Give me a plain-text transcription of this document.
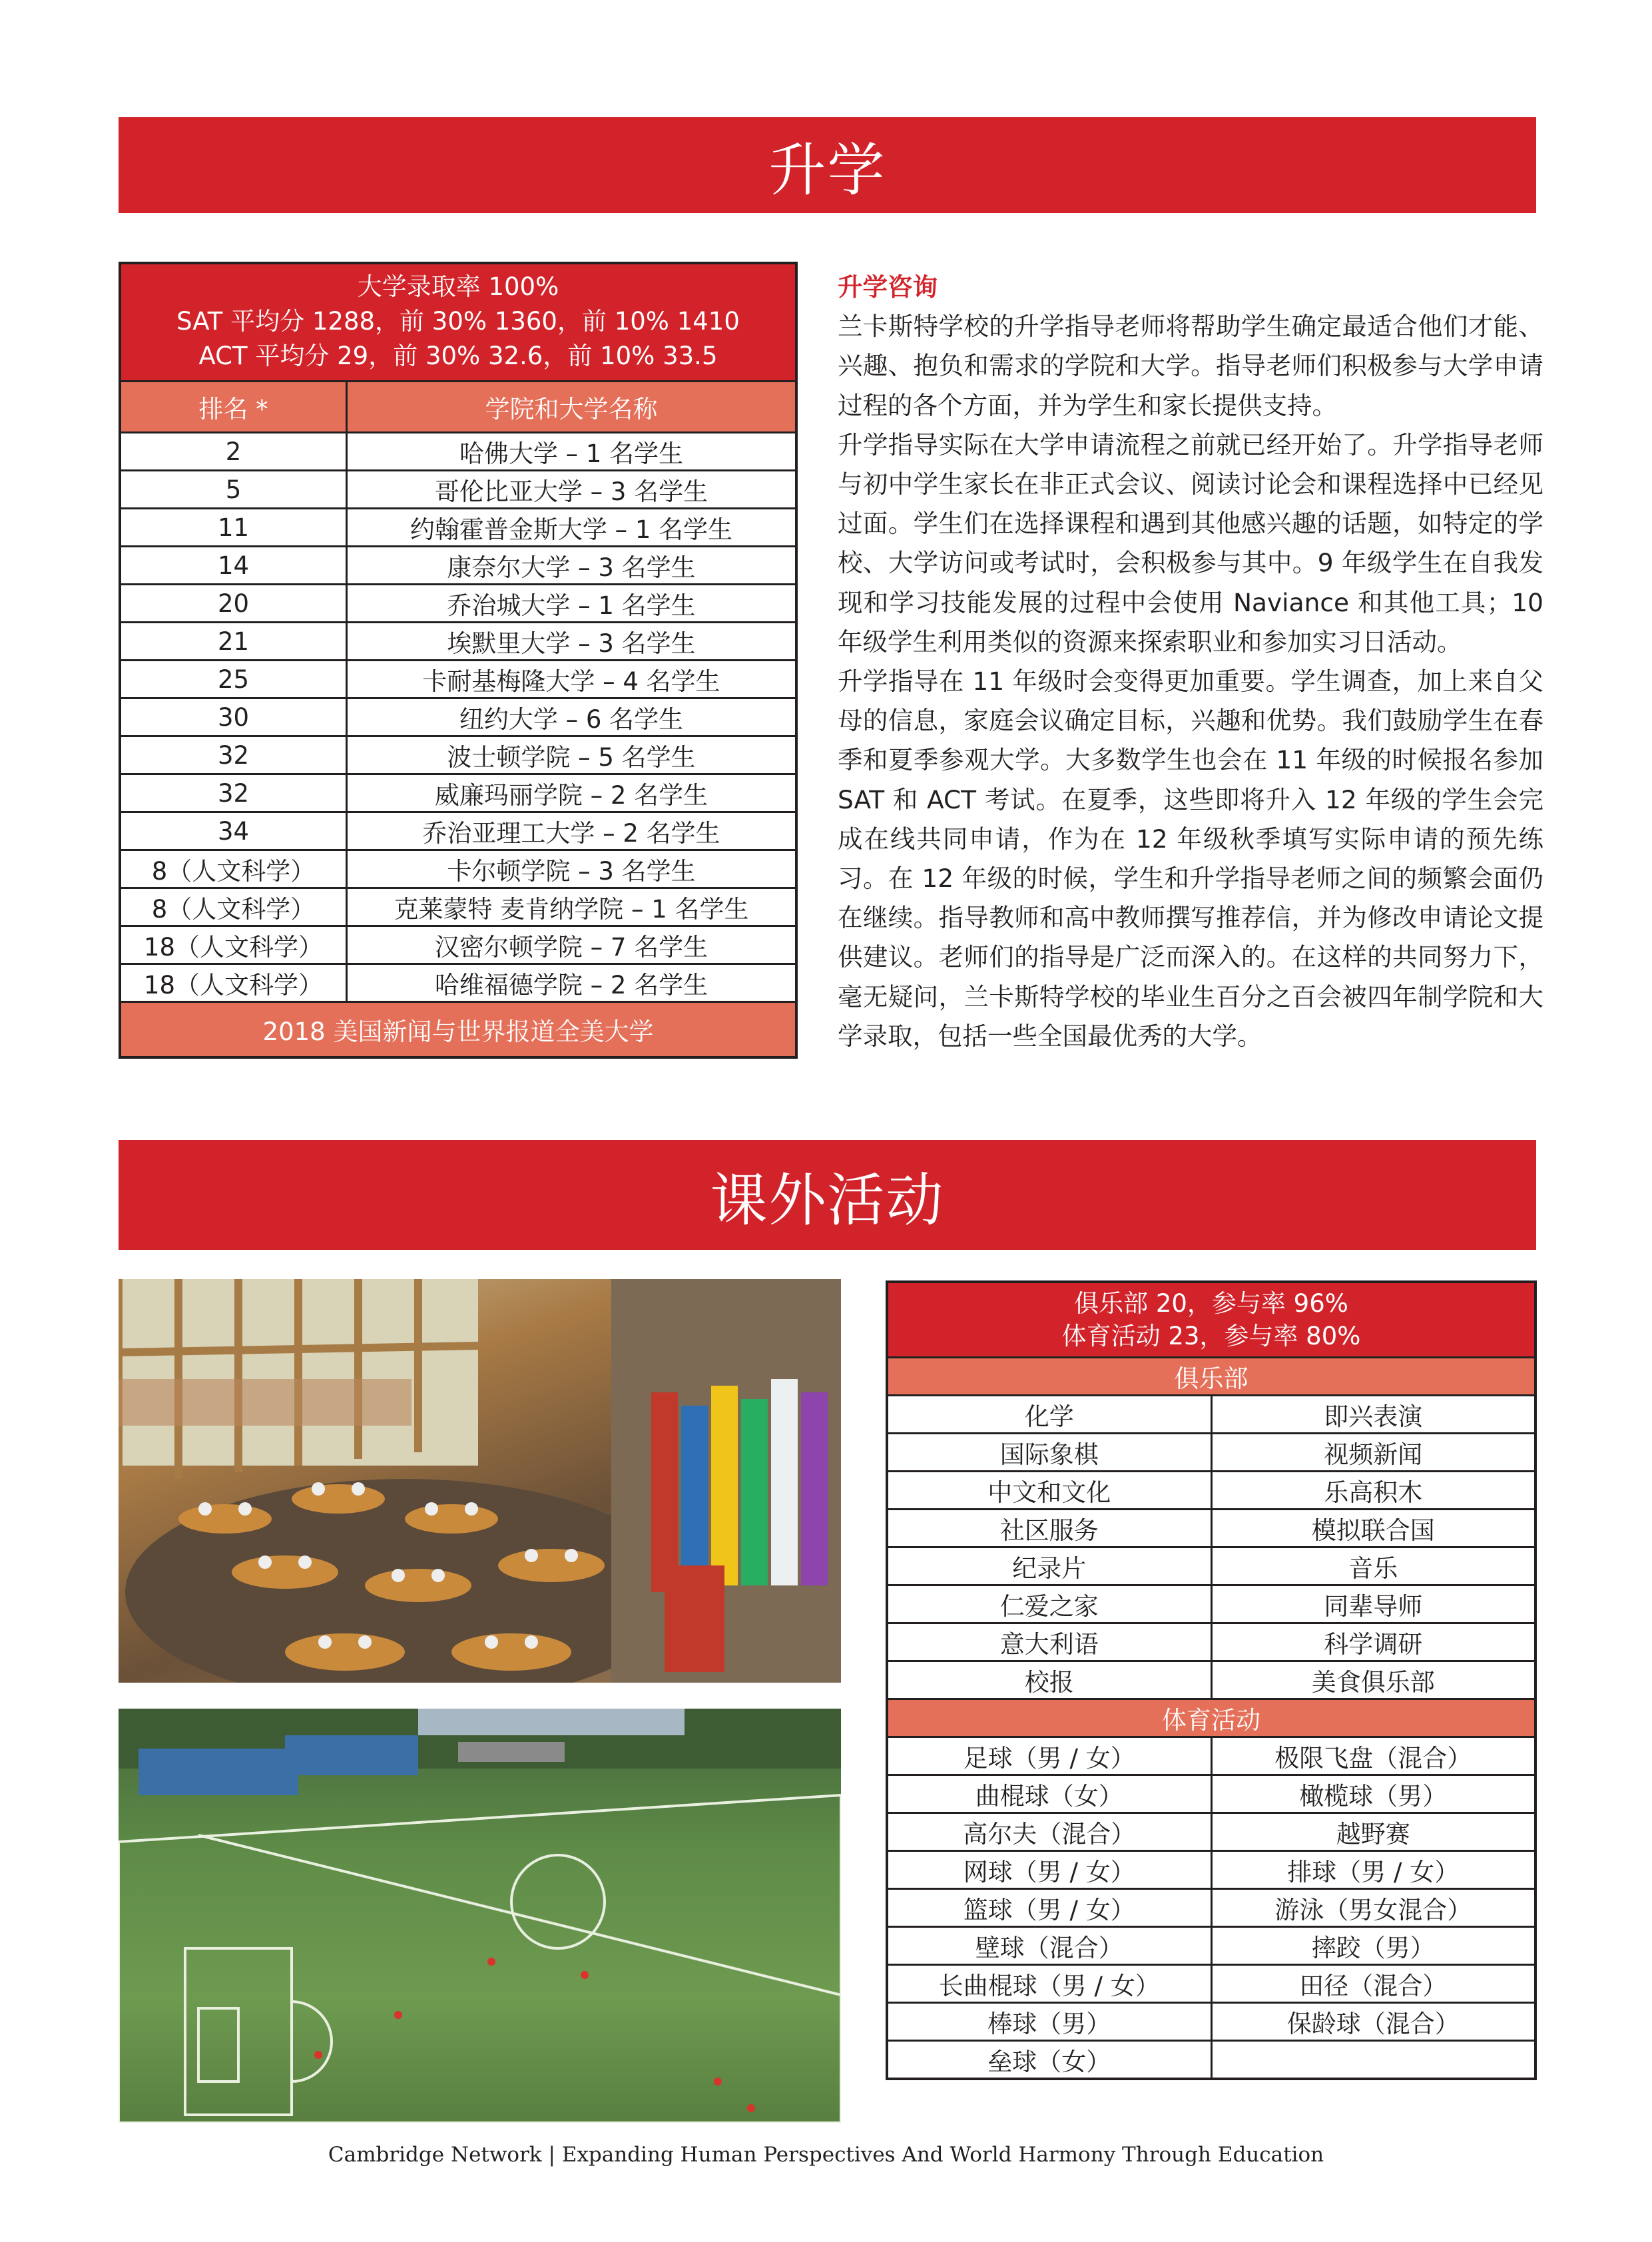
升学
大学录取率 100%
SAT 平均分 1288，前 30% 1360，前 10% 1410
ACT 平均分 29，前 30% 32.6，前 10% 33.5	

排名 *	学院和大学名称
2	哈佛大学 – 1 名学生
5	哥伦比亚大学 – 3 名学生
11	约翰霍普金斯大学 – 1 名学生
14	康奈尔大学 – 3 名学生
20	乔治城大学 – 1 名学生
21	埃默里大学 – 3 名学生
25	卡耐基梅隆大学 – 4 名学生
30	纽约大学 – 6 名学生
32	波士顿学院 – 5 名学生
32	威廉玛丽学院 – 2 名学生
34	乔治亚理工大学 – 2 名学生
8（人文科学）	卡尔顿学院 – 3 名学生
8（人文科学）	克莱蒙特 麦肯纳学院 – 1 名学生
18（人文科学）	汉密尔顿学院 – 7 名学生
18（人文科学）	哈维福德学院 – 2 名学生
2018 美国新闻与世界报道全美大学	
升学咨询

兰卡斯特学校的升学指导老师将帮助学生确定最适合他们才能、兴趣、抱负和需求的学院和大学。指导老师们积极参与大学申请过程的各个方面，并为学生和家长提供支持。

升学指导实际在大学申请流程之前就已经开始了。升学指导老师与初中学生家长在非正式会议、阅读讨论会和课程选择中已经见过面。学生们在选择课程和遇到其他感兴趣的话题，如特定的学校、大学访问或考试时，会积极参与其中。9 年级学生在自我发现和学习技能发展的过程中会使用 Naviance 和其他工具；10 年级学生利用类似的资源来探索职业和参加实习日活动。

升学指导在 11 年级时会变得更加重要。学生调查，加上来自父母的信息，家庭会议确定目标，兴趣和优势。我们鼓励学生在春季和夏季参观大学。大多数学生也会在 11 年级的时候报名参加 SAT 和 ACT 考试。在夏季，这些即将升入 12 年级的学生会完成在线共同申请，作为在 12 年级秋季填写实际申请的预先练习。在 12 年级的时候，学生和升学指导老师之间的频繁会面仍在继续。指导教师和高中教师撰写推荐信，并为修改申请论文提供建议。老师们的指导是广泛而深入的。在这样的共同努力下，毫无疑问，兰卡斯特学校的毕业生百分之百会被四年制学院和大学录取，包括一些全国最优秀的大学。

课外活动
俱乐部 20，参与率 96%
体育活动 23，参与率 80%	

俱乐部	
化学	即兴表演
国际象棋	视频新闻
中文和文化	乐高积木
社区服务	模拟联合国
纪录片	音乐
仁爱之家	同辈导师
意大利语	科学调研
校报	美食俱乐部
体育活动	
足球（男 / 女）	极限飞盘（混合）
曲棍球（女）	橄榄球（男）
高尔夫（混合）	越野赛
网球（男 / 女）	排球（男 / 女）
篮球（男 / 女）	游泳（男女混合）
壁球（混合）	摔跤（男）
长曲棍球（男 / 女）	田径（混合）
棒球（男）	保龄球（混合）
垒球（女）	
Cambridge Network | Expanding Human Perspectives And World Harmony Through Education
